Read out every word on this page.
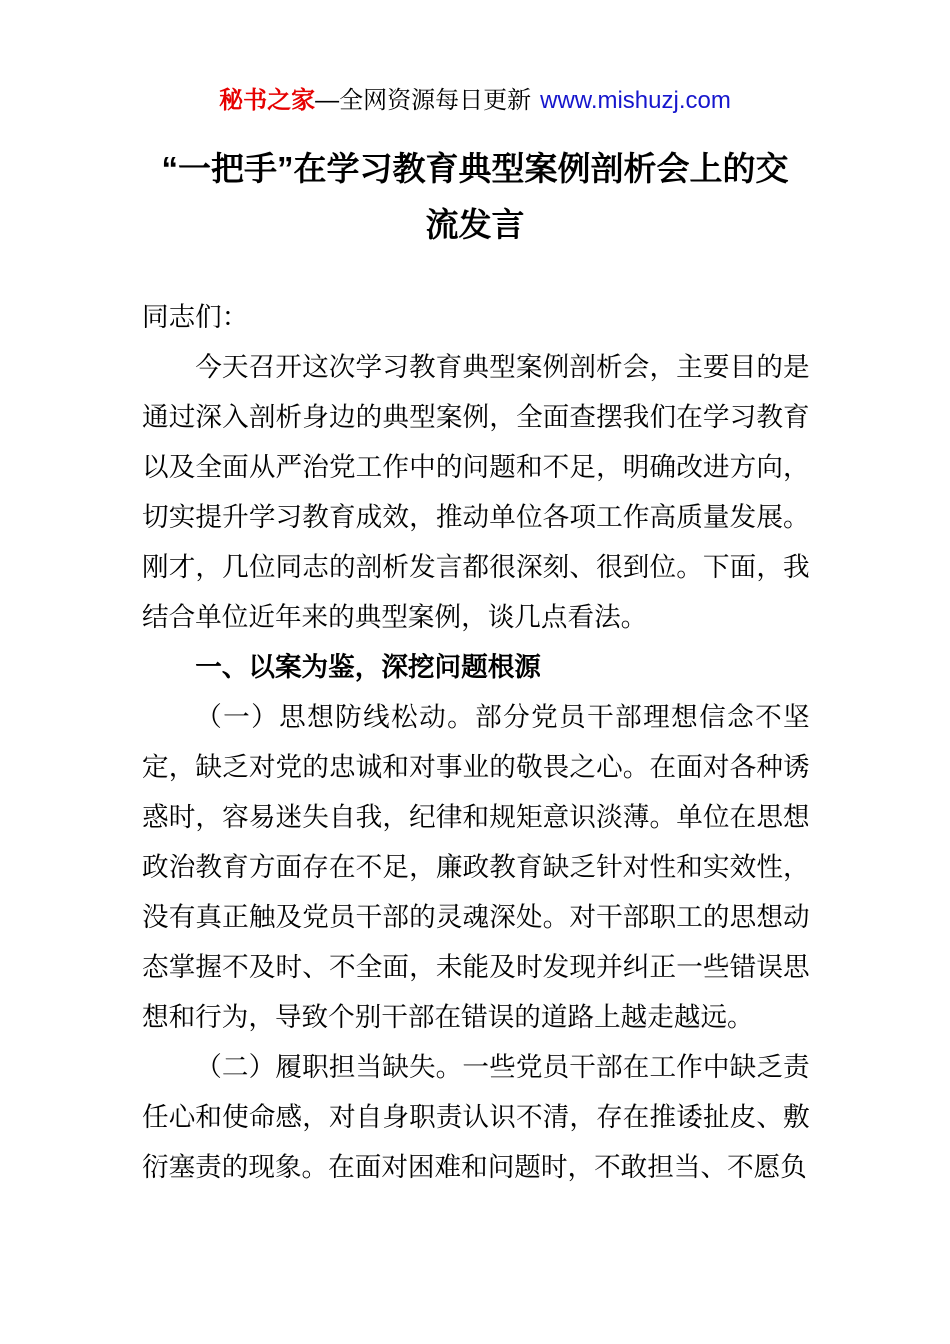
秘书之家—全网资源每日更新 www.mishuzj.com
“一把手”在学习教育典型案例剖析会上的交
流发言

同志们：

今天召开这次学习教育典型案例剖析会，主要目的是通过深入剖析身边的典型案例，全面查摆我们在学习教育以及全面从严治党工作中的问题和不足，明确改进方向，切实提升学习教育成效，推动单位各项工作高质量发展。刚才，几位同志的剖析发言都很深刻、很到位。下面，我结合单位近年来的典型案例，谈几点看法。

一、以案为鉴，深挖问题根源

（一）思想防线松动。部分党员干部理想信念不坚定，缺乏对党的忠诚和对事业的敬畏之心。在面对各种诱惑时，容易迷失自我，纪律和规矩意识淡薄。单位在思想政治教育方面存在不足，廉政教育缺乏针对性和实效性，没有真正触及党员干部的灵魂深处。对干部职工的思想动态掌握不及时、不全面，未能及时发现并纠正一些错误思想和行为，导致个别干部在错误的道路上越走越远。

（二）履职担当缺失。一些党员干部在工作中缺乏责任心和使命感，对自身职责认识不清，存在推诿扯皮、敷衍塞责的现象。在面对困难和问题时，不敢担当、不愿负
